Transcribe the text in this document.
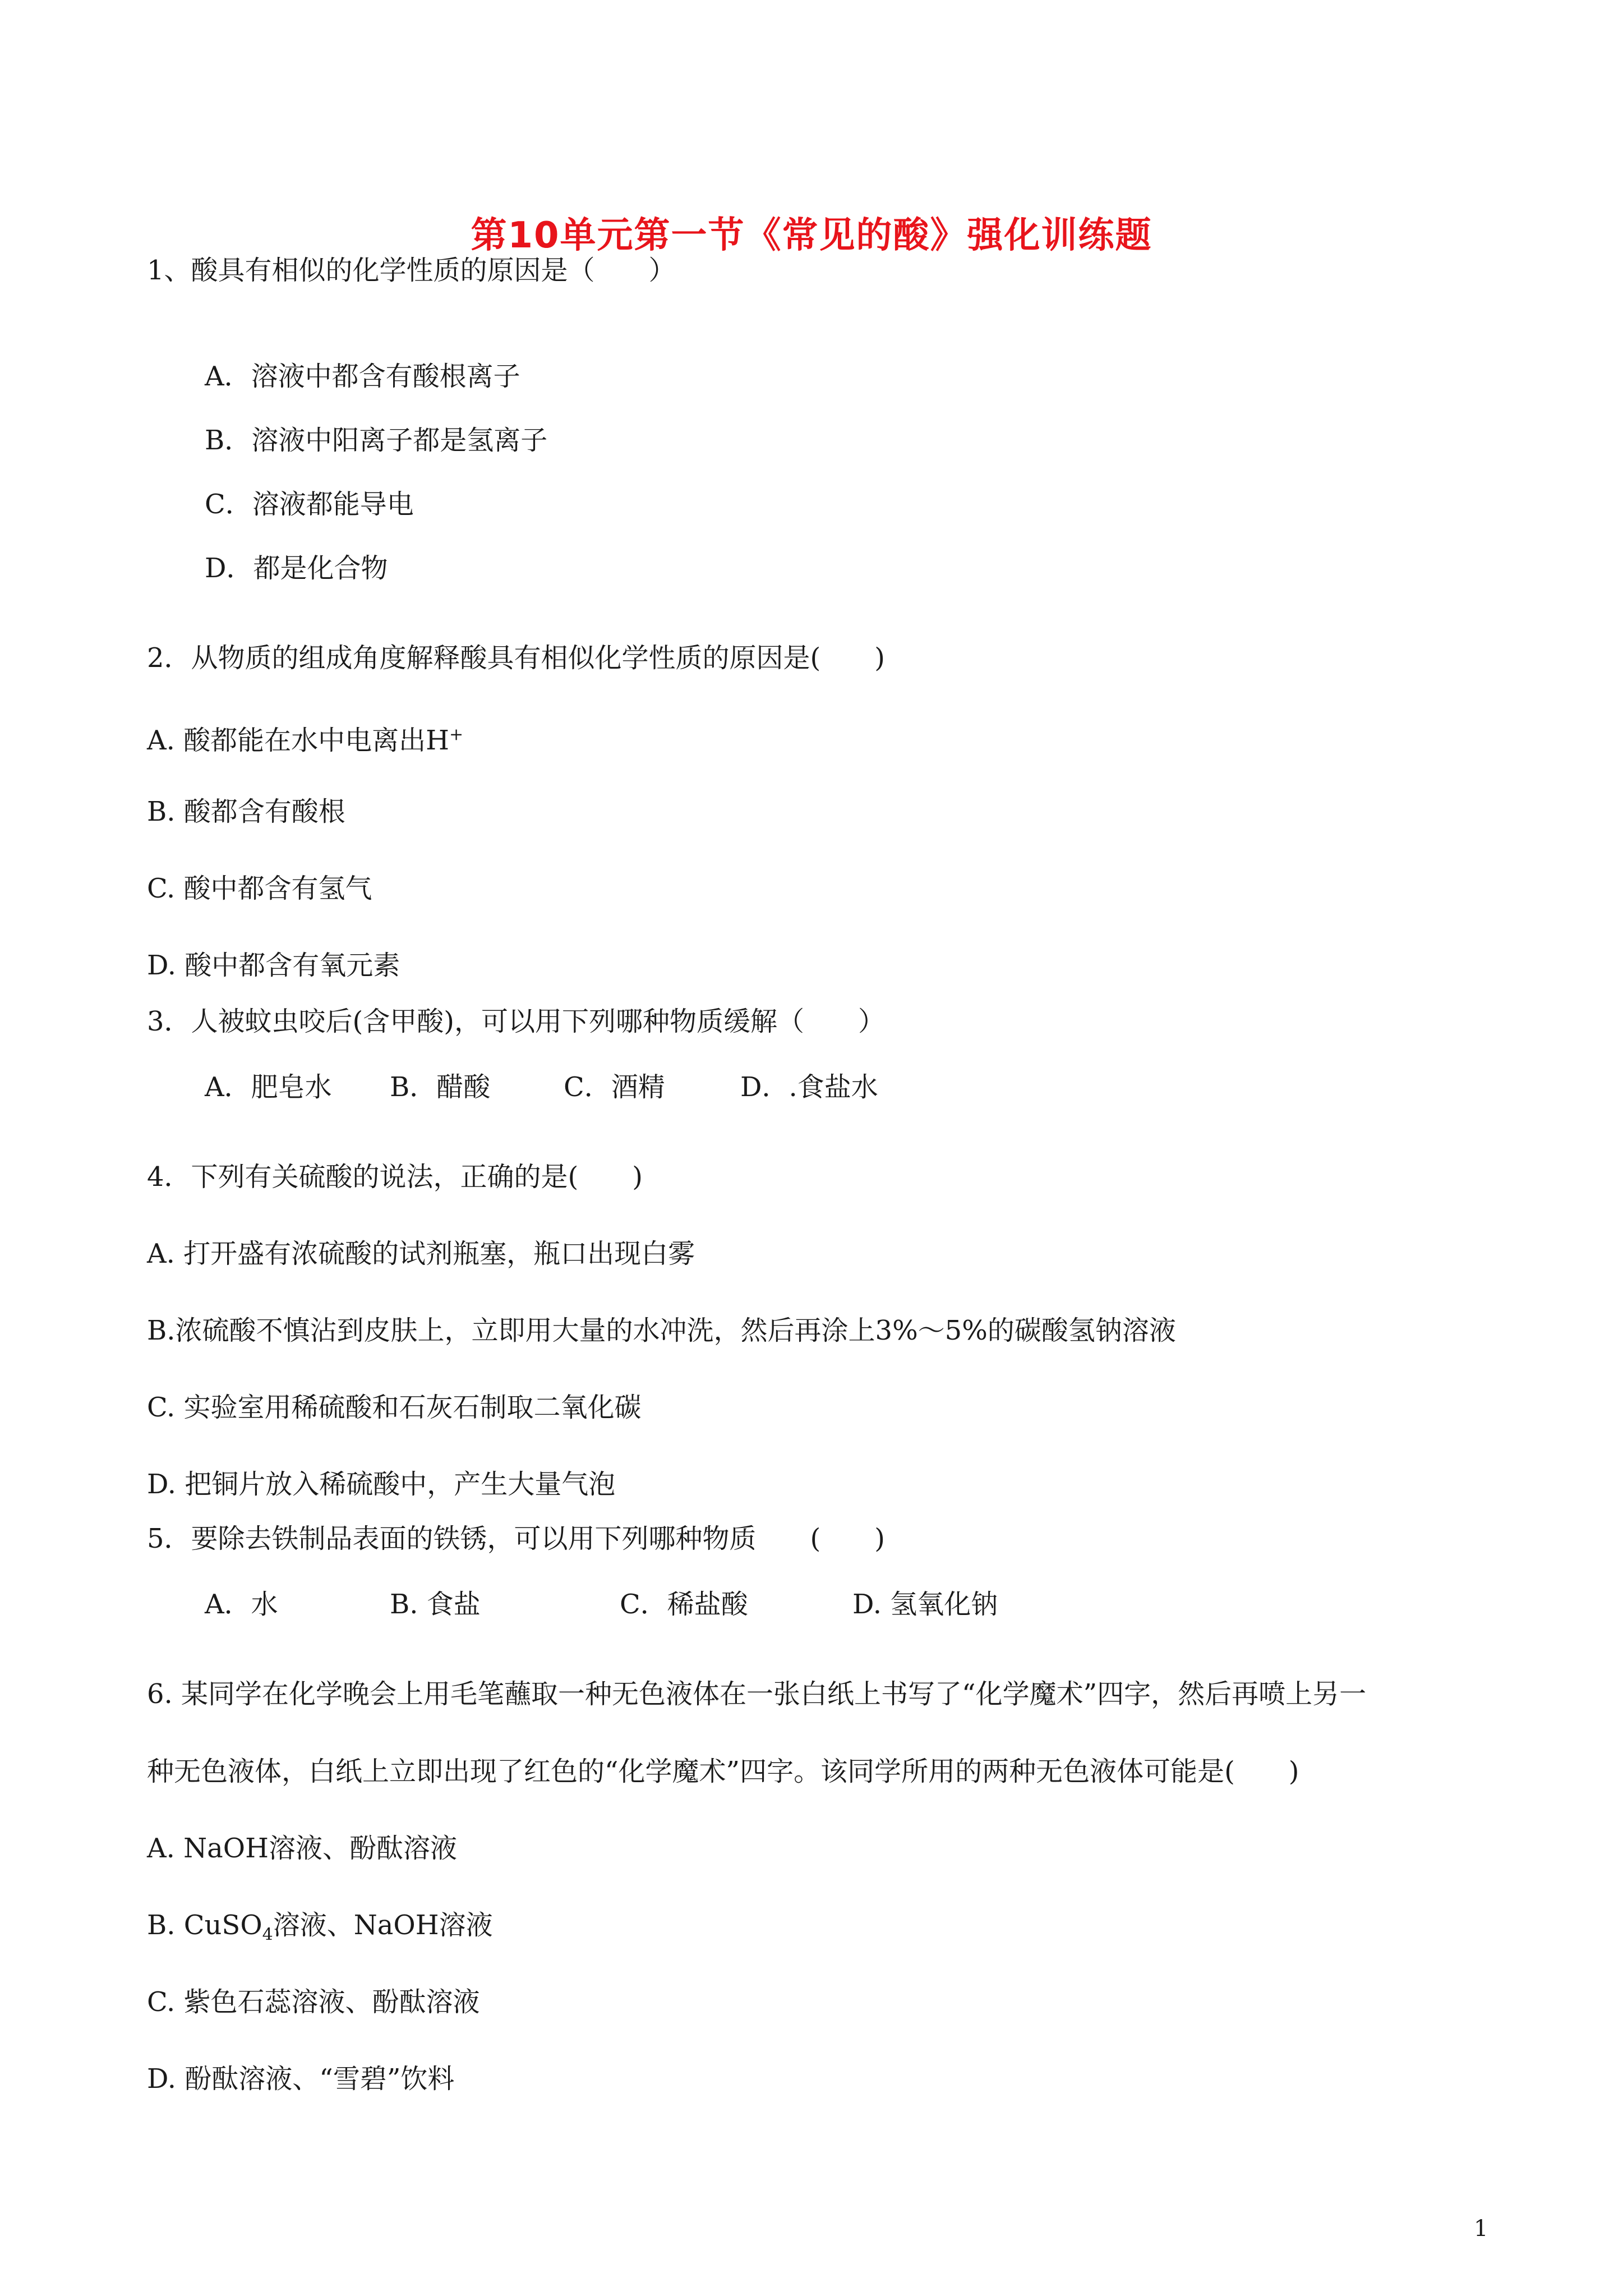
第10单元第一节《常见的酸》强化训练题
1、酸具有相似的化学性质的原因是（　　）
A．溶液中都含有酸根离子
B．溶液中阳离子都是氢离子
C．溶液都能导电
D．都是化合物
2．从物质的组成角度解释酸具有相似化学性质的原因是(　　)
A. 酸都能在水中电离出H+
B. 酸都含有酸根
C. 酸中都含有氢气
D. 酸中都含有氧元素
3．人被蚊虫咬后(含甲酸)，可以用下列哪种物质缓解（　　）
A．肥皂水 B．醋酸	C．酒精	D．.食盐水
4．下列有关硫酸的说法，正确的是(　　)
A. 打开盛有浓硫酸的试剂瓶塞，瓶口出现白雾
B.浓硫酸不慎沾到皮肤上，立即用大量的水冲洗，然后再涂上3%～5%的碳酸氢钠溶液
C. 实验室用稀硫酸和石灰石制取二氧化碳
D. 把铜片放入稀硫酸中，产生大量气泡
5．要除去铁制品表面的铁锈，可以用下列哪种物质　　(　　)
A．水	B. 食盐	C．稀盐酸	D. 氢氧化钠
6. 某同学在化学晚会上用毛笔蘸取一种无色液体在一张白纸上书写了“化学魔术”四字，然后再喷上另一
种无色液体，白纸上立即出现了红色的“化学魔术”四字。该同学所用的两种无色液体可能是(　　)
A. NaOH溶液、酚酞溶液
B. CuSO$_4$溶液、NaOH溶液
C. 紫色石蕊溶液、酚酞溶液
D. 酚酞溶液、“雪碧”饮料
1
